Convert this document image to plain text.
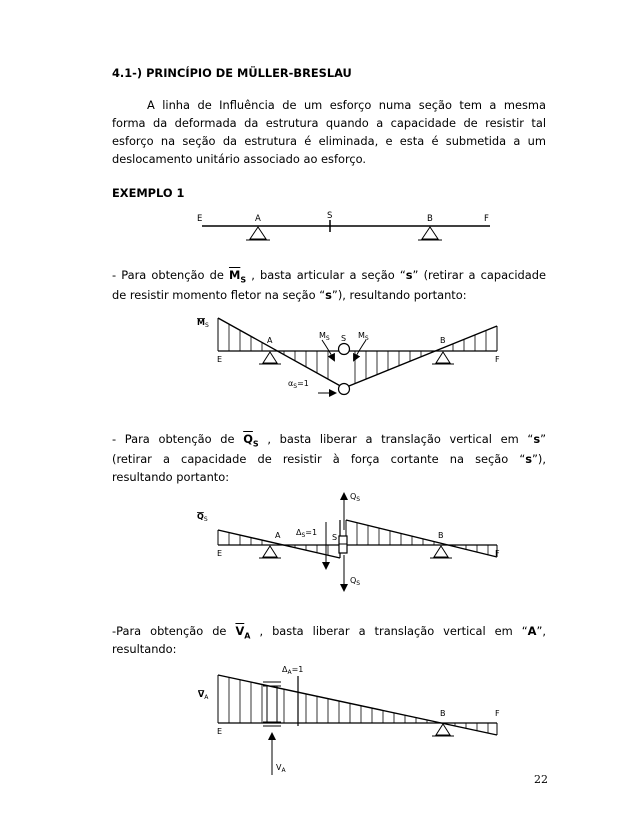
4.1-) PRINCÍPIO DE MÜLLER-BRESLAU
A linha de Influência de um esforço numa seção tem a mesma
forma da deformada da estrutura quando a capacidade de resistir tal
esforço na seção da estrutura é eliminada, e esta é submetida a um
deslocamento unitário associado ao esforço.
EXEMPLO 1
- Para obtenção de $\overline{M}_S$ , basta articular a seção “s” (retirar a capacidade
de resistir momento fletor na seção “s”), resultando portanto:
- Para obtenção de $\overline{Q}_S$ , basta liberar a translação vertical em “s”
(retirar a capacidade de resistir à força cortante na seção “s”),
resultando portanto:
-Para obtenção de $\overline{V}_A$ , basta liberar a translação vertical em “A”,
resultando:
22
E	A	S	B	F
$M_S$
E
A	S	B
F
$M_S$	$M_S$
$\alpha_S=1$
$Q_S$
E
A	S	B
F
$Q_S$
$Q_S$
$\Delta_S=1$
$V_A$
E
B	F
$\Delta_A=1$
$V_A$
